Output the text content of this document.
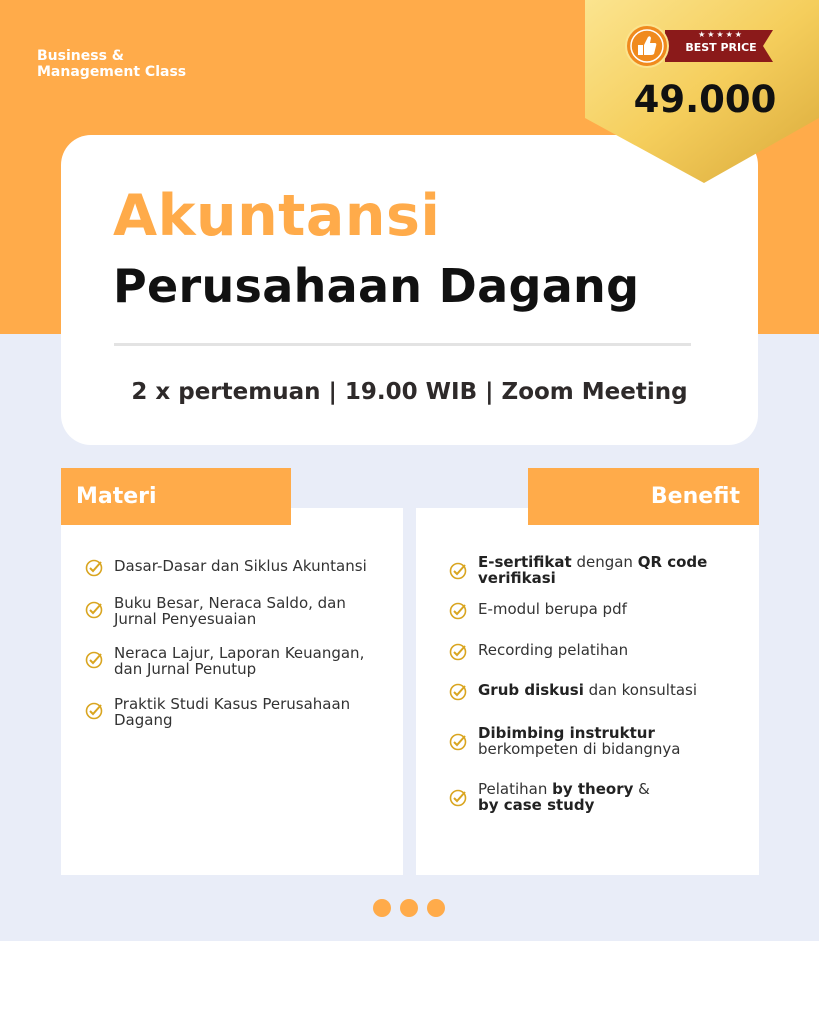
Business &
Management Class
Akuntansi
Perusahaan Dagang
2 x pertemuan | 19.00 WIB | Zoom Meeting
★★★★★
BEST PRICE
49.000
Materi	Benefit
Dasar-Dasar dan Siklus Akuntansi
Buku Besar, Neraca Saldo, dan
Jurnal Penyesuaian
Neraca Lajur, Laporan Keuangan,
dan Jurnal Penutup
Praktik Studi Kasus Perusahaan
Dagang
E-sertifikat dengan QR code
verifikasi
E-modul berupa pdf
Recording pelatihan
Grub diskusi dan konsultasi
Dibimbing instruktur
berkompeten di bidangnya
Pelatihan by theory &
by case study
